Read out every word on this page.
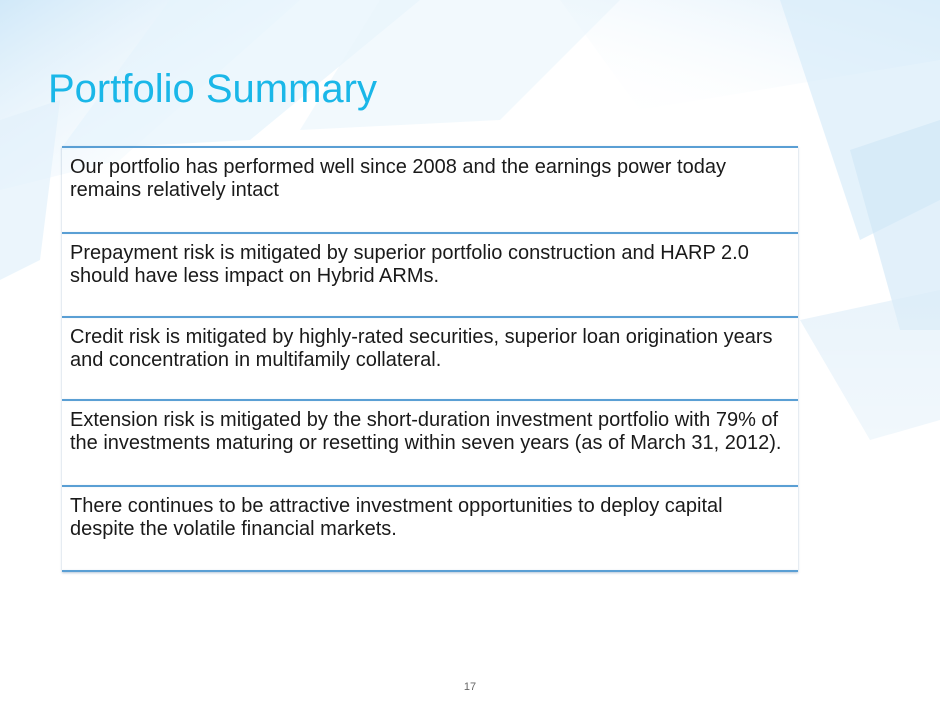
Portfolio Summary
Our portfolio has performed well since 2008 and the earnings power today remains relatively intact
Prepayment risk is mitigated by superior portfolio construction and HARP 2.0 should have less impact on Hybrid ARMs.
Credit risk is mitigated by highly-rated securities, superior loan origination years and concentration in multifamily collateral.
Extension risk is mitigated by the short-duration investment portfolio with 79% of the investments maturing or resetting within seven years (as of March 31, 2012).
There continues to be attractive investment opportunities to deploy capital despite the volatile financial markets.
17
